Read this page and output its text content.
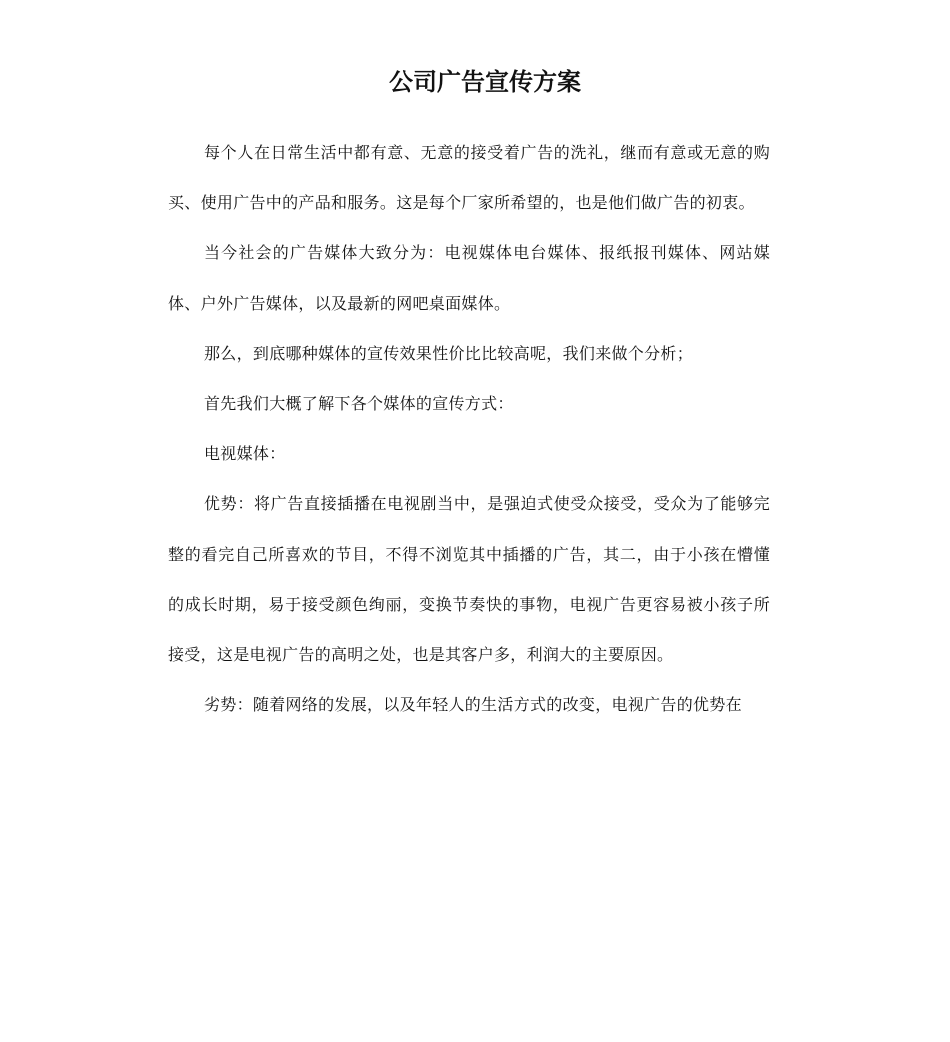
公司广告宣传方案

每个人在日常生活中都有意、无意的接受着广告的洗礼，继而有意或无意的购买、使用广告中的产品和服务。这是每个厂家所希望的，也是他们做广告的初衷。

当今社会的广告媒体大致分为：电视媒体电台媒体、报纸报刊媒体、网站媒体、户外广告媒体，以及最新的网吧桌面媒体。

那么，到底哪种媒体的宣传效果性价比比较高呢，我们来做个分析；

首先我们大概了解下各个媒体的宣传方式：

电视媒体：

优势：将广告直接插播在电视剧当中，是强迫式使受众接受，受众为了能够完整的看完自己所喜欢的节目，不得不浏览其中插播的广告，其二，由于小孩在懵懂的成长时期，易于接受颜色绚丽，变换节奏快的事物，电视广告更容易被小孩子所接受，这是电视广告的高明之处，也是其客户多，利润大的主要原因。

劣势：随着网络的发展，以及年轻人的生活方式的改变，电视广告的优势在
